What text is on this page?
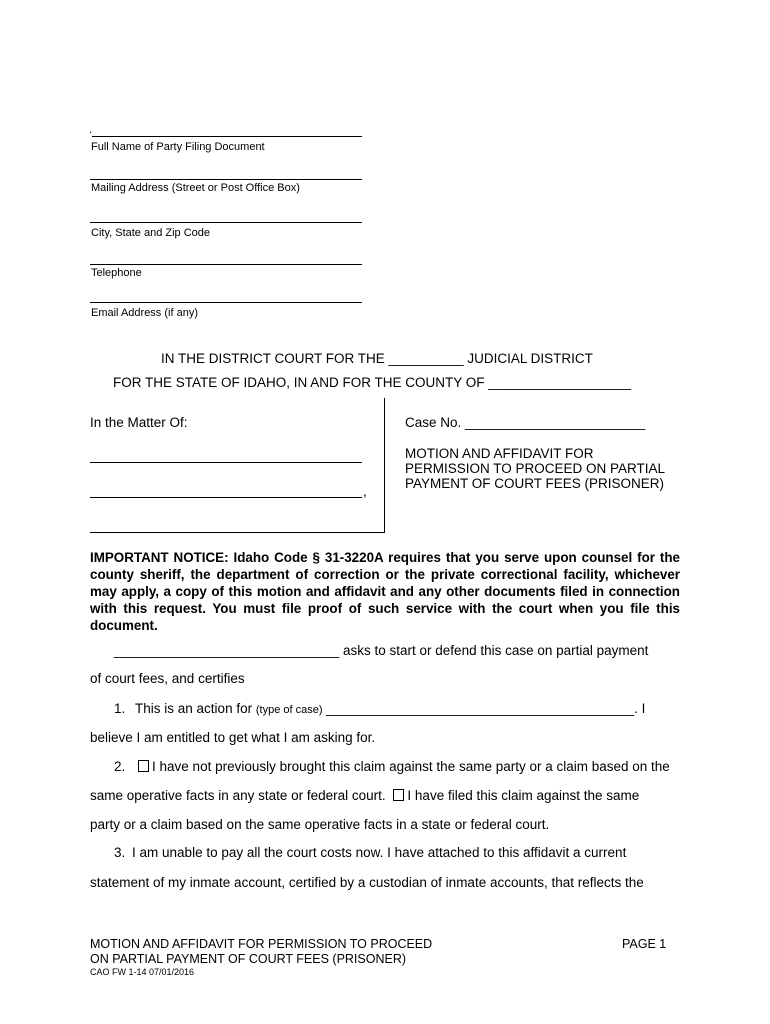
.
Full Name of Party Filing Document
Mailing Address (Street or Post Office Box)
City, State and Zip Code
Telephone
Email Address (if any)
IN THE DISTRICT COURT FOR THE __________ JUDICIAL DISTRICT
FOR THE STATE OF IDAHO, IN AND FOR THE COUNTY OF ___________________
In the Matter Of:
,
Case No. ________________________
MOTION AND AFFIDAVIT FOR
PERMISSION TO PROCEED ON PARTIAL
PAYMENT OF COURT FEES (PRISONER)
IMPORTANT NOTICE: Idaho Code § 31-3220A requires that you serve upon counsel for the county sheriff, the department of correction or the private correctional facility, whichever may apply, a copy of this motion and affidavit and any other documents filed in connection with this request. You must file proof of such service with the court when you file this document.
______________________________ asks to start or defend this case on partial payment
of court fees, and certifies
1. This is an action for (type of case) _________________________________________. I
believe I am entitled to get what I am asking for.
2. I have not previously brought this claim against the same party or a claim based on the
same operative facts in any state or federal court. I have filed this claim against the same
party or a claim based on the same operative facts in a state or federal court.
3. I am unable to pay all the court costs now. I have attached to this affidavit a current
statement of my inmate account, certified by a custodian of inmate accounts, that reflects the
MOTION AND AFFIDAVIT FOR PERMISSION TO PROCEED
ON PARTIAL PAYMENT OF COURT FEES (PRISONER)
CAO FW 1-14 07/01/2016
PAGE 1
